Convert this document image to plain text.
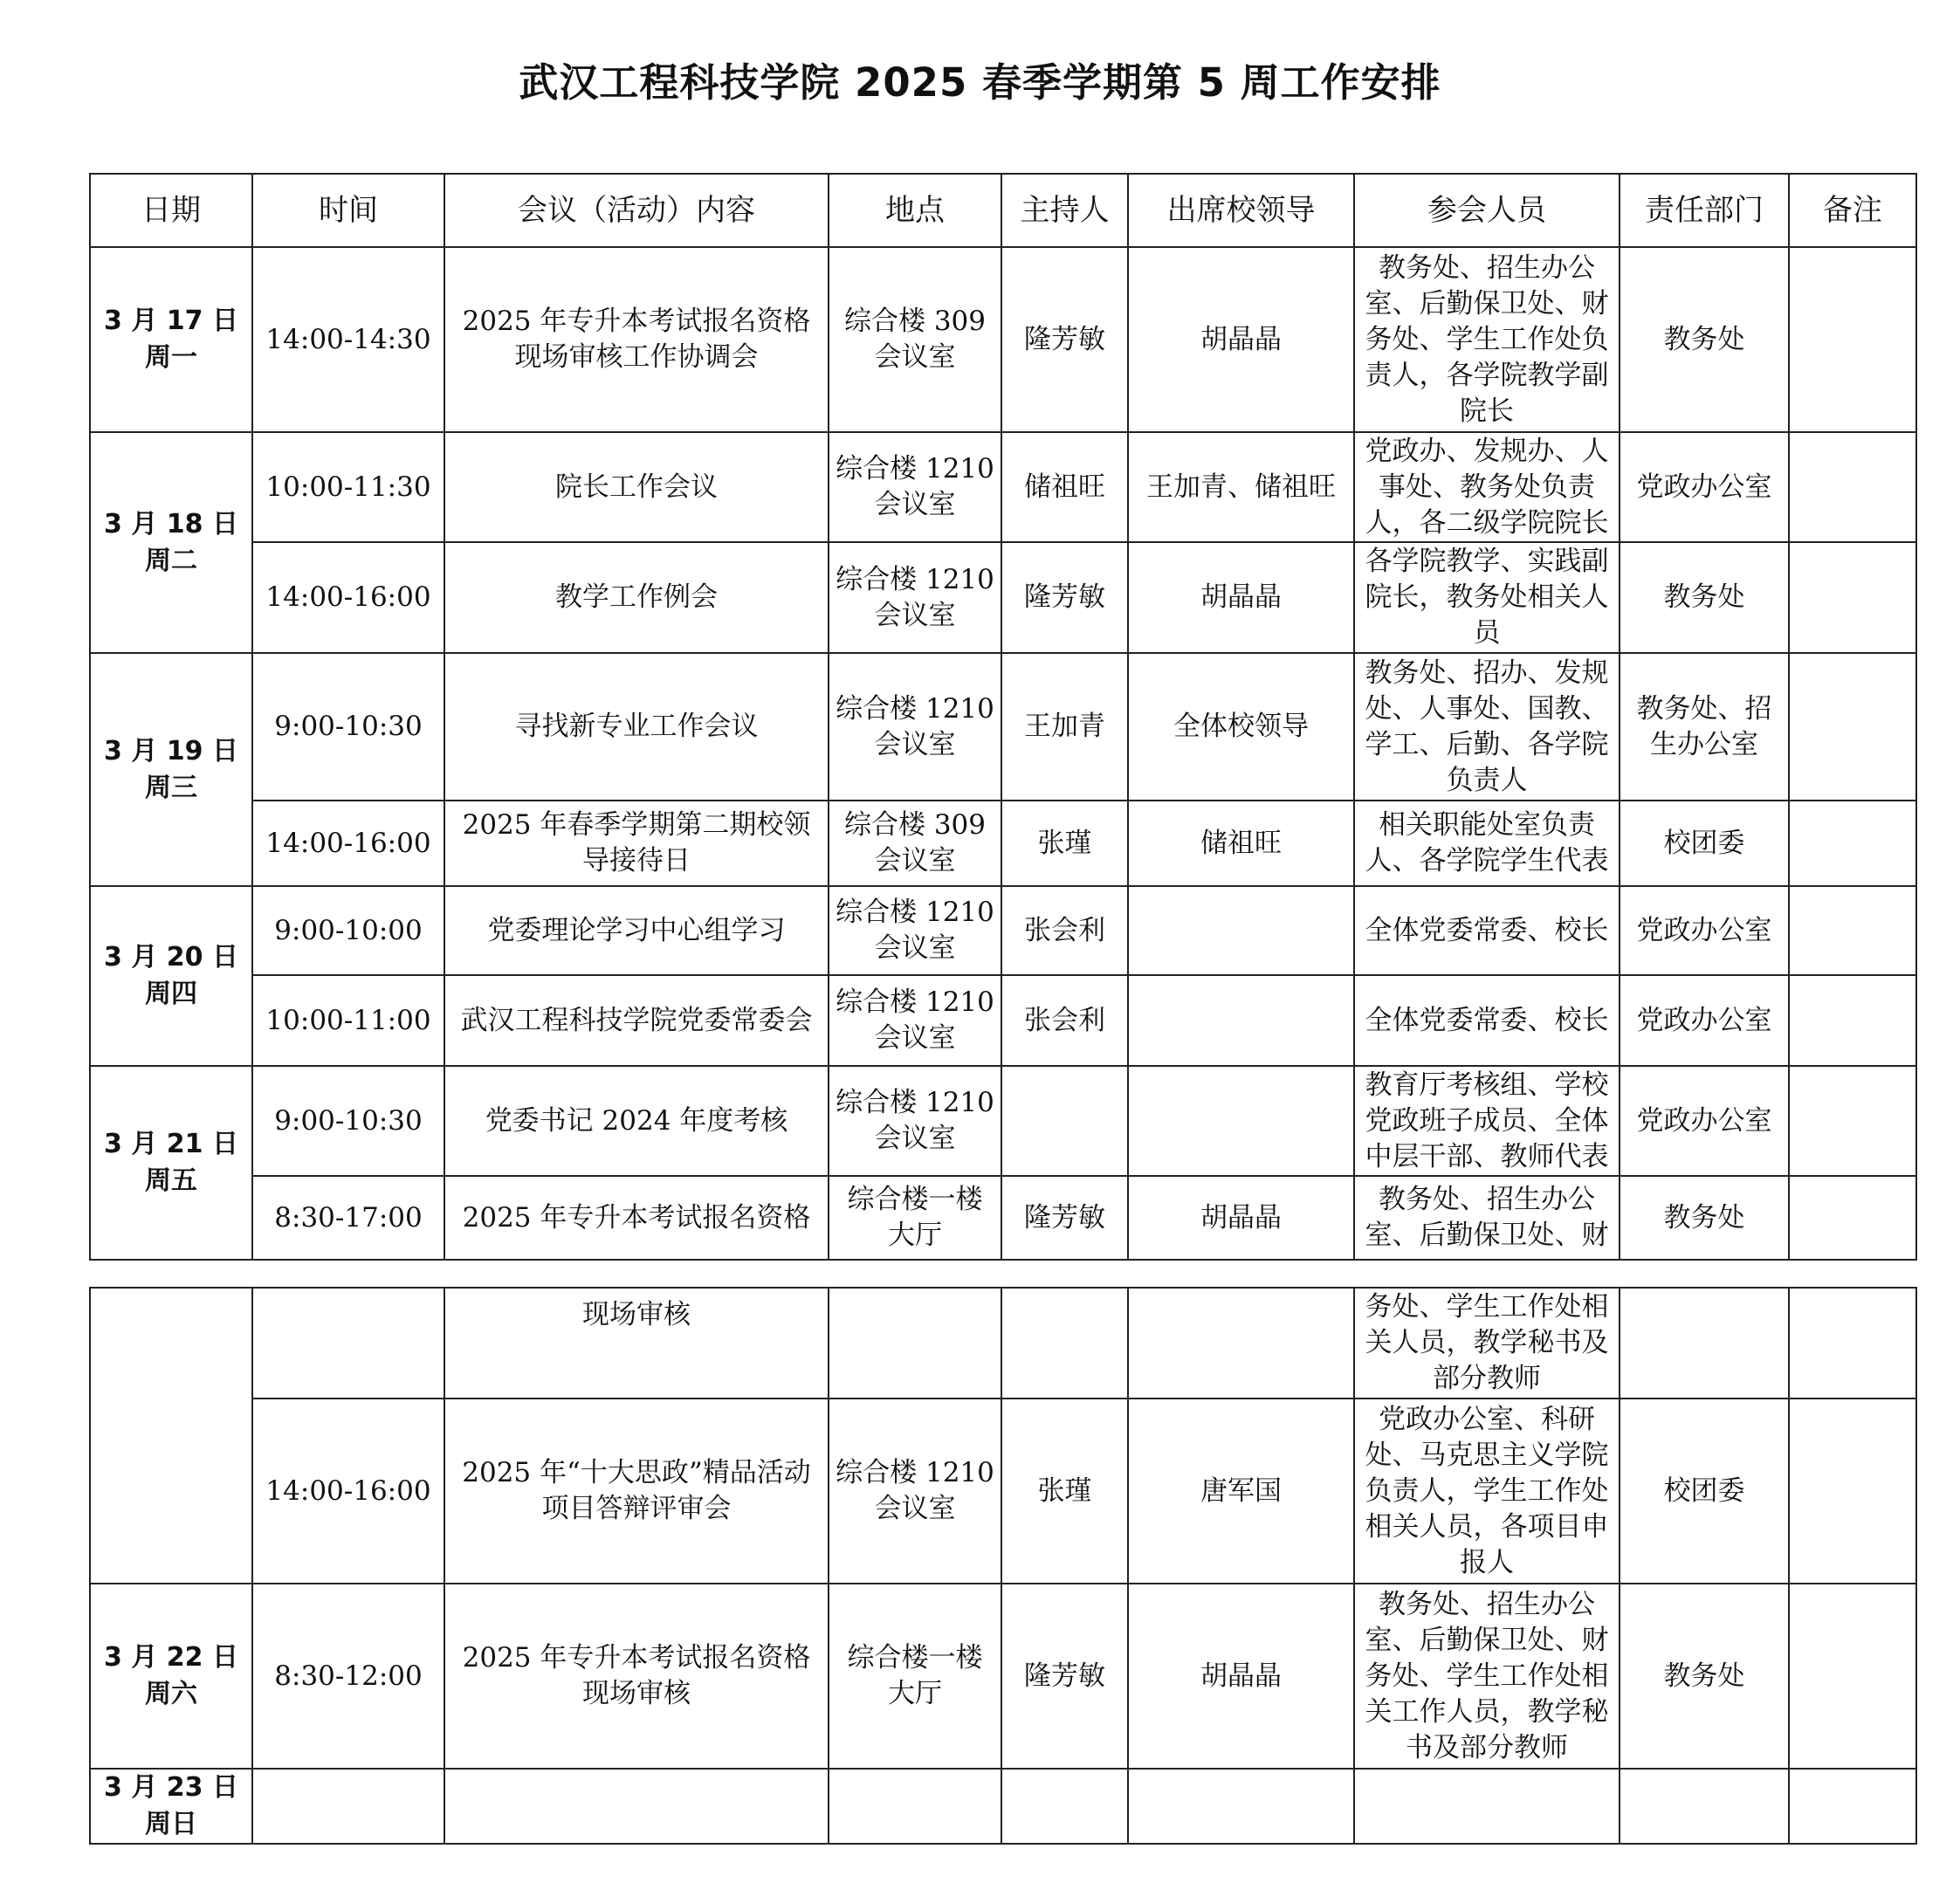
武汉工程科技学院 2025 春季学期第 5 周工作安排
日期	时间	会议（活动）内容	地点	主持人	出席校领导	参会人员	责任部门	备注

3 月 17 日
周一	14:00-14:30	2025 年专升本考试报名资格现场审核工作协调会	综合楼 309 会议室	隆芳敏	胡晶晶	教务处、招生办公室、后勤保卫处、财务处、学生工作处负责人，各学院教学副院长	教务处	

3 月 18 日
周二	10:00-11:30	院长工作会议	综合楼 1210 会议室	储祖旺	王加青、储祖旺	党政办、发规办、人事处、教务处负责人，各二级学院院长	党政办公室	
	14:00-16:00	教学工作例会	综合楼 1210 会议室	隆芳敏	胡晶晶	各学院教学、实践副院长，教务处相关人员	教务处	

3 月 19 日
周三	9:00-10:30	寻找新专业工作会议	综合楼 1210 会议室	王加青	全体校领导	教务处、招办、发规处、人事处、国教、学工、后勤、各学院负责人	教务处、招生办公室	
	14:00-16:00	2025 年春季学期第二期校领导接待日	综合楼 309 会议室	张瑾	储祖旺	相关职能处室负责人、各学院学生代表	校团委	

3 月 20 日
周四	9:00-10:00	党委理论学习中心组学习	综合楼 1210 会议室	张会利		全体党委常委、校长	党政办公室	
	10:00-11:00	武汉工程科技学院党委常委会	综合楼 1210 会议室	张会利		全体党委常委、校长	党政办公室	

3 月 21 日
周五	9:00-10:30	党委书记 2024 年度考核	综合楼 1210 会议室			教育厅考核组、学校党政班子成员、全体中层干部、教师代表	党政办公室	
	8:30-17:00	2025 年专升本考试报名资格	综合楼一楼大厅	隆芳敏	胡晶晶	教务处、招生办公室、后勤保卫处、财	教务处	
		现场审核				务处、学生工作处相关人员，教学秘书及部分教师		
	14:00-16:00	2025 年“十大思政”精品活动项目答辩评审会	综合楼 1210 会议室	张瑾	唐军国	党政办公室、科研处、马克思主义学院负责人，学生工作处相关人员，各项目申报人	校团委	

3 月 22 日
周六	8:30-12:00	2025 年专升本考试报名资格现场审核	综合楼一楼大厅	隆芳敏	胡晶晶	教务处、招生办公室、后勤保卫处、财务处、学生工作处相关工作人员，教学秘书及部分教师	教务处	

3 月 23 日
周日								
